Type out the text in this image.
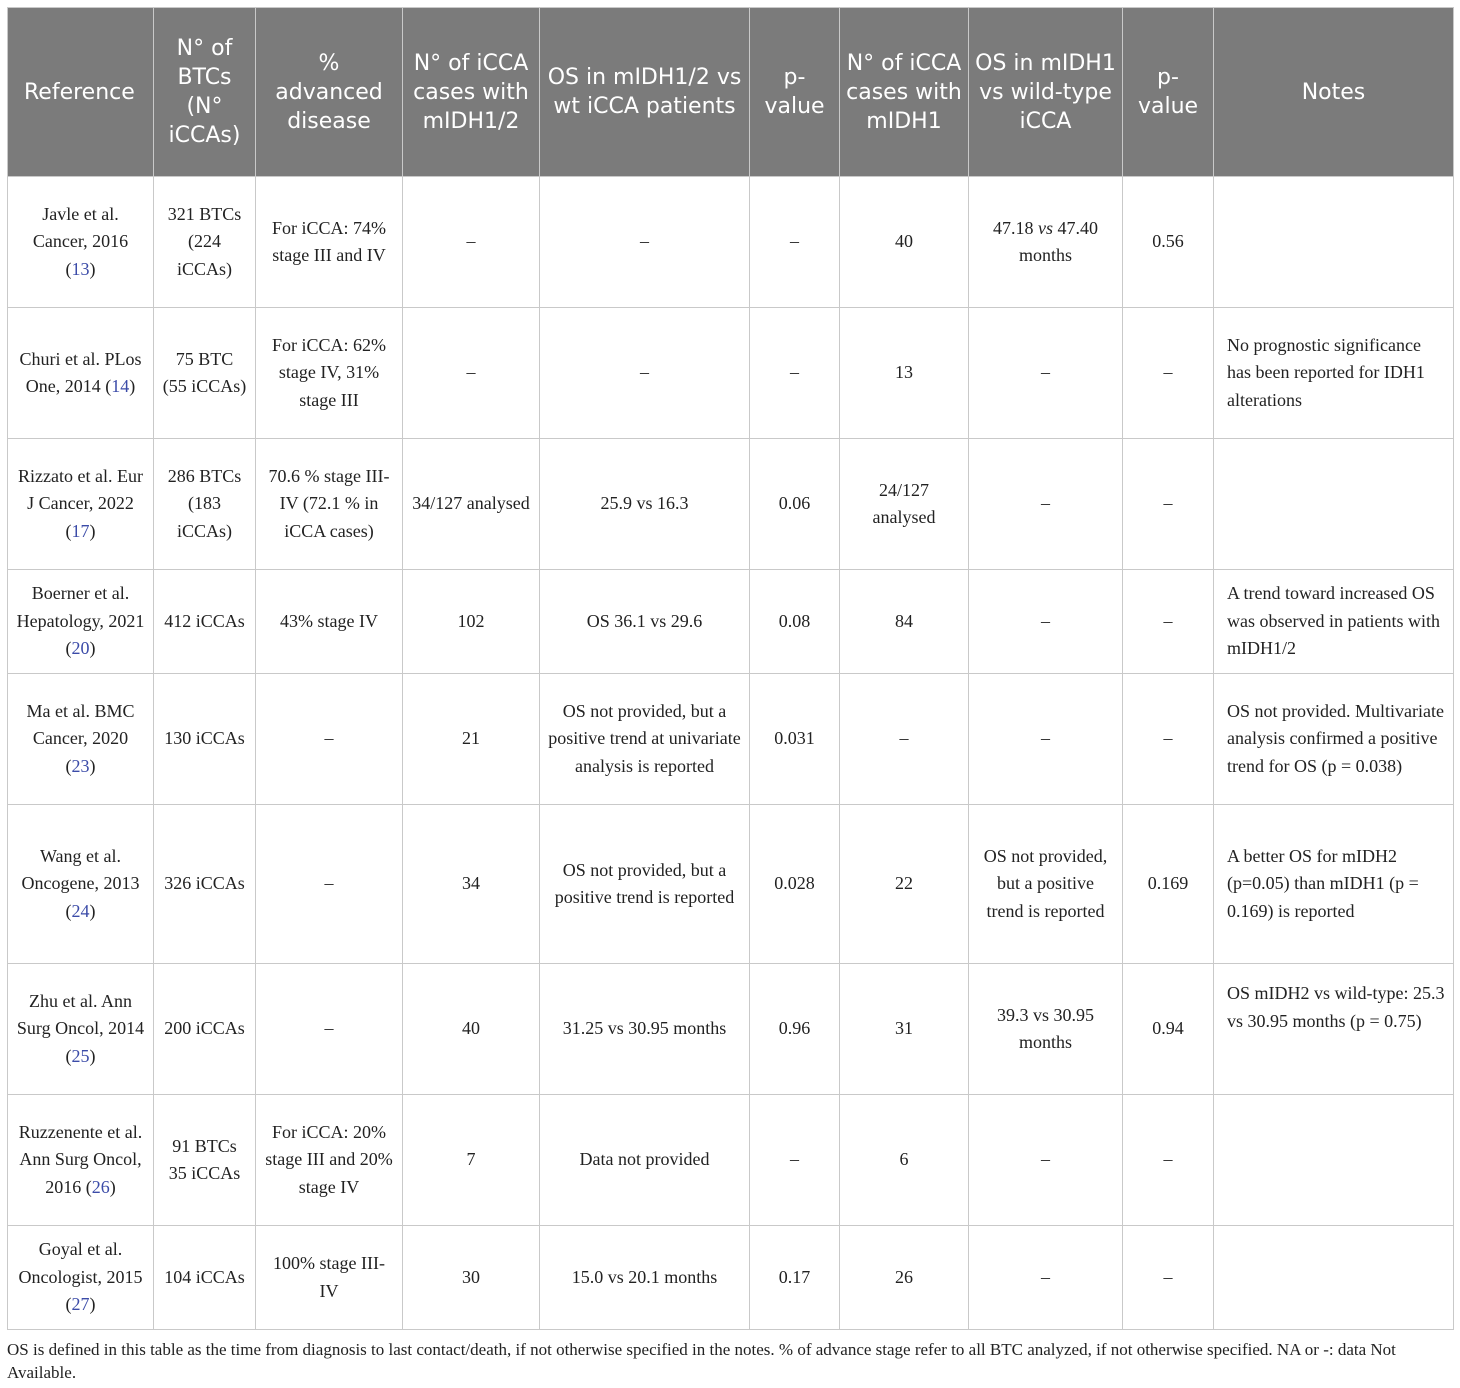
Reference	N° of BTCs (N° iCCAs)	% advanced disease	N° of iCCA cases with mIDH1/2	OS in mIDH1/2 vs wt iCCA patients	p-value	N° of iCCA cases with mIDH1	OS in mIDH1 vs wild-type iCCA	p-value	Notes
Javle et al. Cancer, 2016 (13)	321 BTCs (224 iCCAs)	For iCCA: 74% stage III and IV	–	–	–	40	47.18 vs 47.40 months	0.56	
Churi et al. PLos One, 2014 (14)	75 BTC (55 iCCAs)	For iCCA: 62% stage IV, 31% stage III	–	–	–	13	–	–	No prognostic significance has been reported for IDH1 alterations
Rizzato et al. Eur J Cancer, 2022 (17)	286 BTCs (183 iCCAs)	70.6 % stage III-IV (72.1 % in iCCA cases)	34/127 analysed	25.9 vs 16.3	0.06	24/127 analysed	–	–	
Boerner et al. Hepatology, 2021 (20)	412 iCCAs	43% stage IV	102	OS 36.1 vs 29.6	0.08	84	–	–	A trend toward increased OS was observed in patients with mIDH1/2
Ma et al. BMC Cancer, 2020 (23)	130 iCCAs	–	21	OS not provided, but a positive trend at univariate analysis is reported	0.031	–	–	–	OS not provided. Multivariate analysis confirmed a positive trend for OS (p = 0.038)
Wang et al. Oncogene, 2013 (24)	326 iCCAs	–	34	OS not provided, but a positive trend is reported	0.028	22	OS not provided, but a positive trend is reported	0.169	A better OS for mIDH2 (p=0.05) than mIDH1 (p = 0.169) is reported
Zhu et al. Ann Surg Oncol, 2014 (25)	200 iCCAs	–	40	31.25 vs 30.95 months	0.96	31	39.3 vs 30.95 months	0.94	OS mIDH2 vs wild-type: 25.3 vs 30.95 months (p = 0.75)
Ruzzenente et al. Ann Surg Oncol, 2016 (26)	91 BTCs 35 iCCAs	For iCCA: 20% stage III and 20% stage IV	7	Data not provided	–	6	–	–	
Goyal et al. Oncologist, 2015 (27)	104 iCCAs	100% stage III-IV	30	15.0 vs 20.1 months	0.17	26	–	–	
OS is defined in this table as the time from diagnosis to last contact/death, if not otherwise specified in the notes. % of advance stage refer to all BTC analyzed, if not otherwise specified. NA or -: data Not Available.
